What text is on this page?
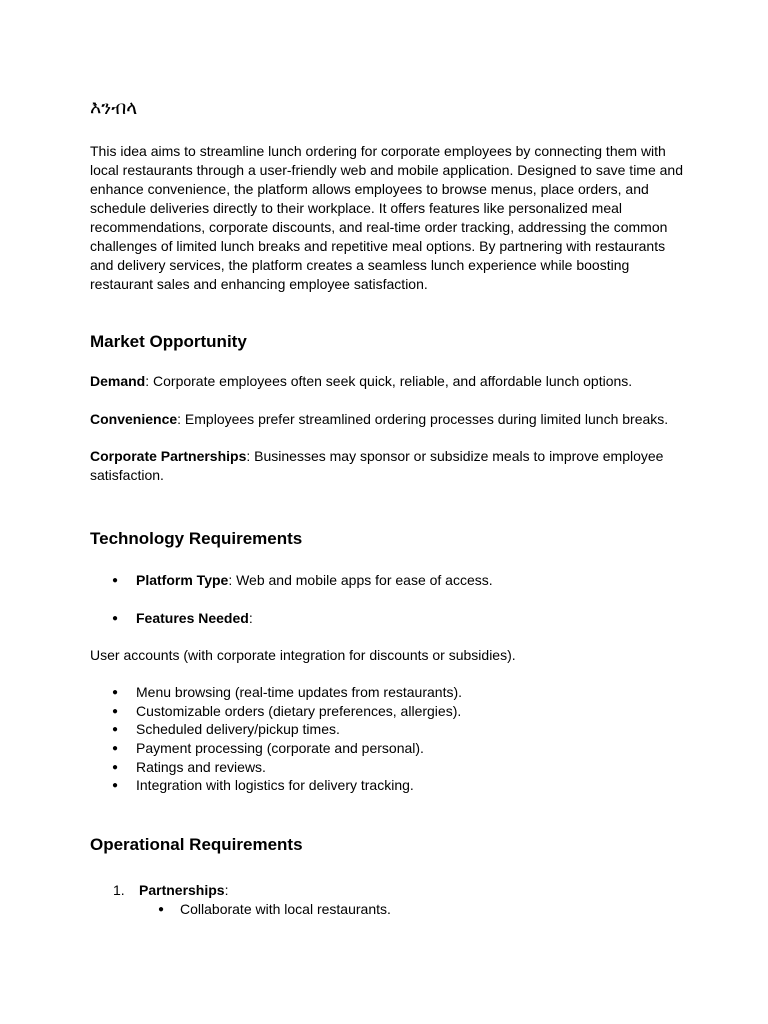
እንብላ

This idea aims to streamline lunch ordering for corporate employees by connecting them with local restaurants through a user-friendly web and mobile application. Designed to save time and enhance convenience, the platform allows employees to browse menus, place orders, and schedule deliveries directly to their workplace. It offers features like personalized meal recommendations, corporate discounts, and real-time order tracking, addressing the common challenges of limited lunch breaks and repetitive meal options. By partnering with restaurants and delivery services, the platform creates a seamless lunch experience while boosting restaurant sales and enhancing employee satisfaction.

Market Opportunity

Demand: Corporate employees often seek quick, reliable, and affordable lunch options.

Convenience: Employees prefer streamlined ordering processes during limited lunch breaks.

Corporate Partnerships: Businesses may sponsor or subsidize meals to improve employee satisfaction.

Technology Requirements
● Platform Type: Web and mobile apps for ease of access.
● Features Needed:

User accounts (with corporate integration for discounts or subsidies).

● Menu browsing (real-time updates from restaurants).
● Customizable orders (dietary preferences, allergies).
● Scheduled delivery/pickup times.
● Payment processing (corporate and personal).
● Ratings and reviews.
● Integration with logistics for delivery tracking.
Operational Requirements

1. Partnerships:

● Collaborate with local restaurants.
